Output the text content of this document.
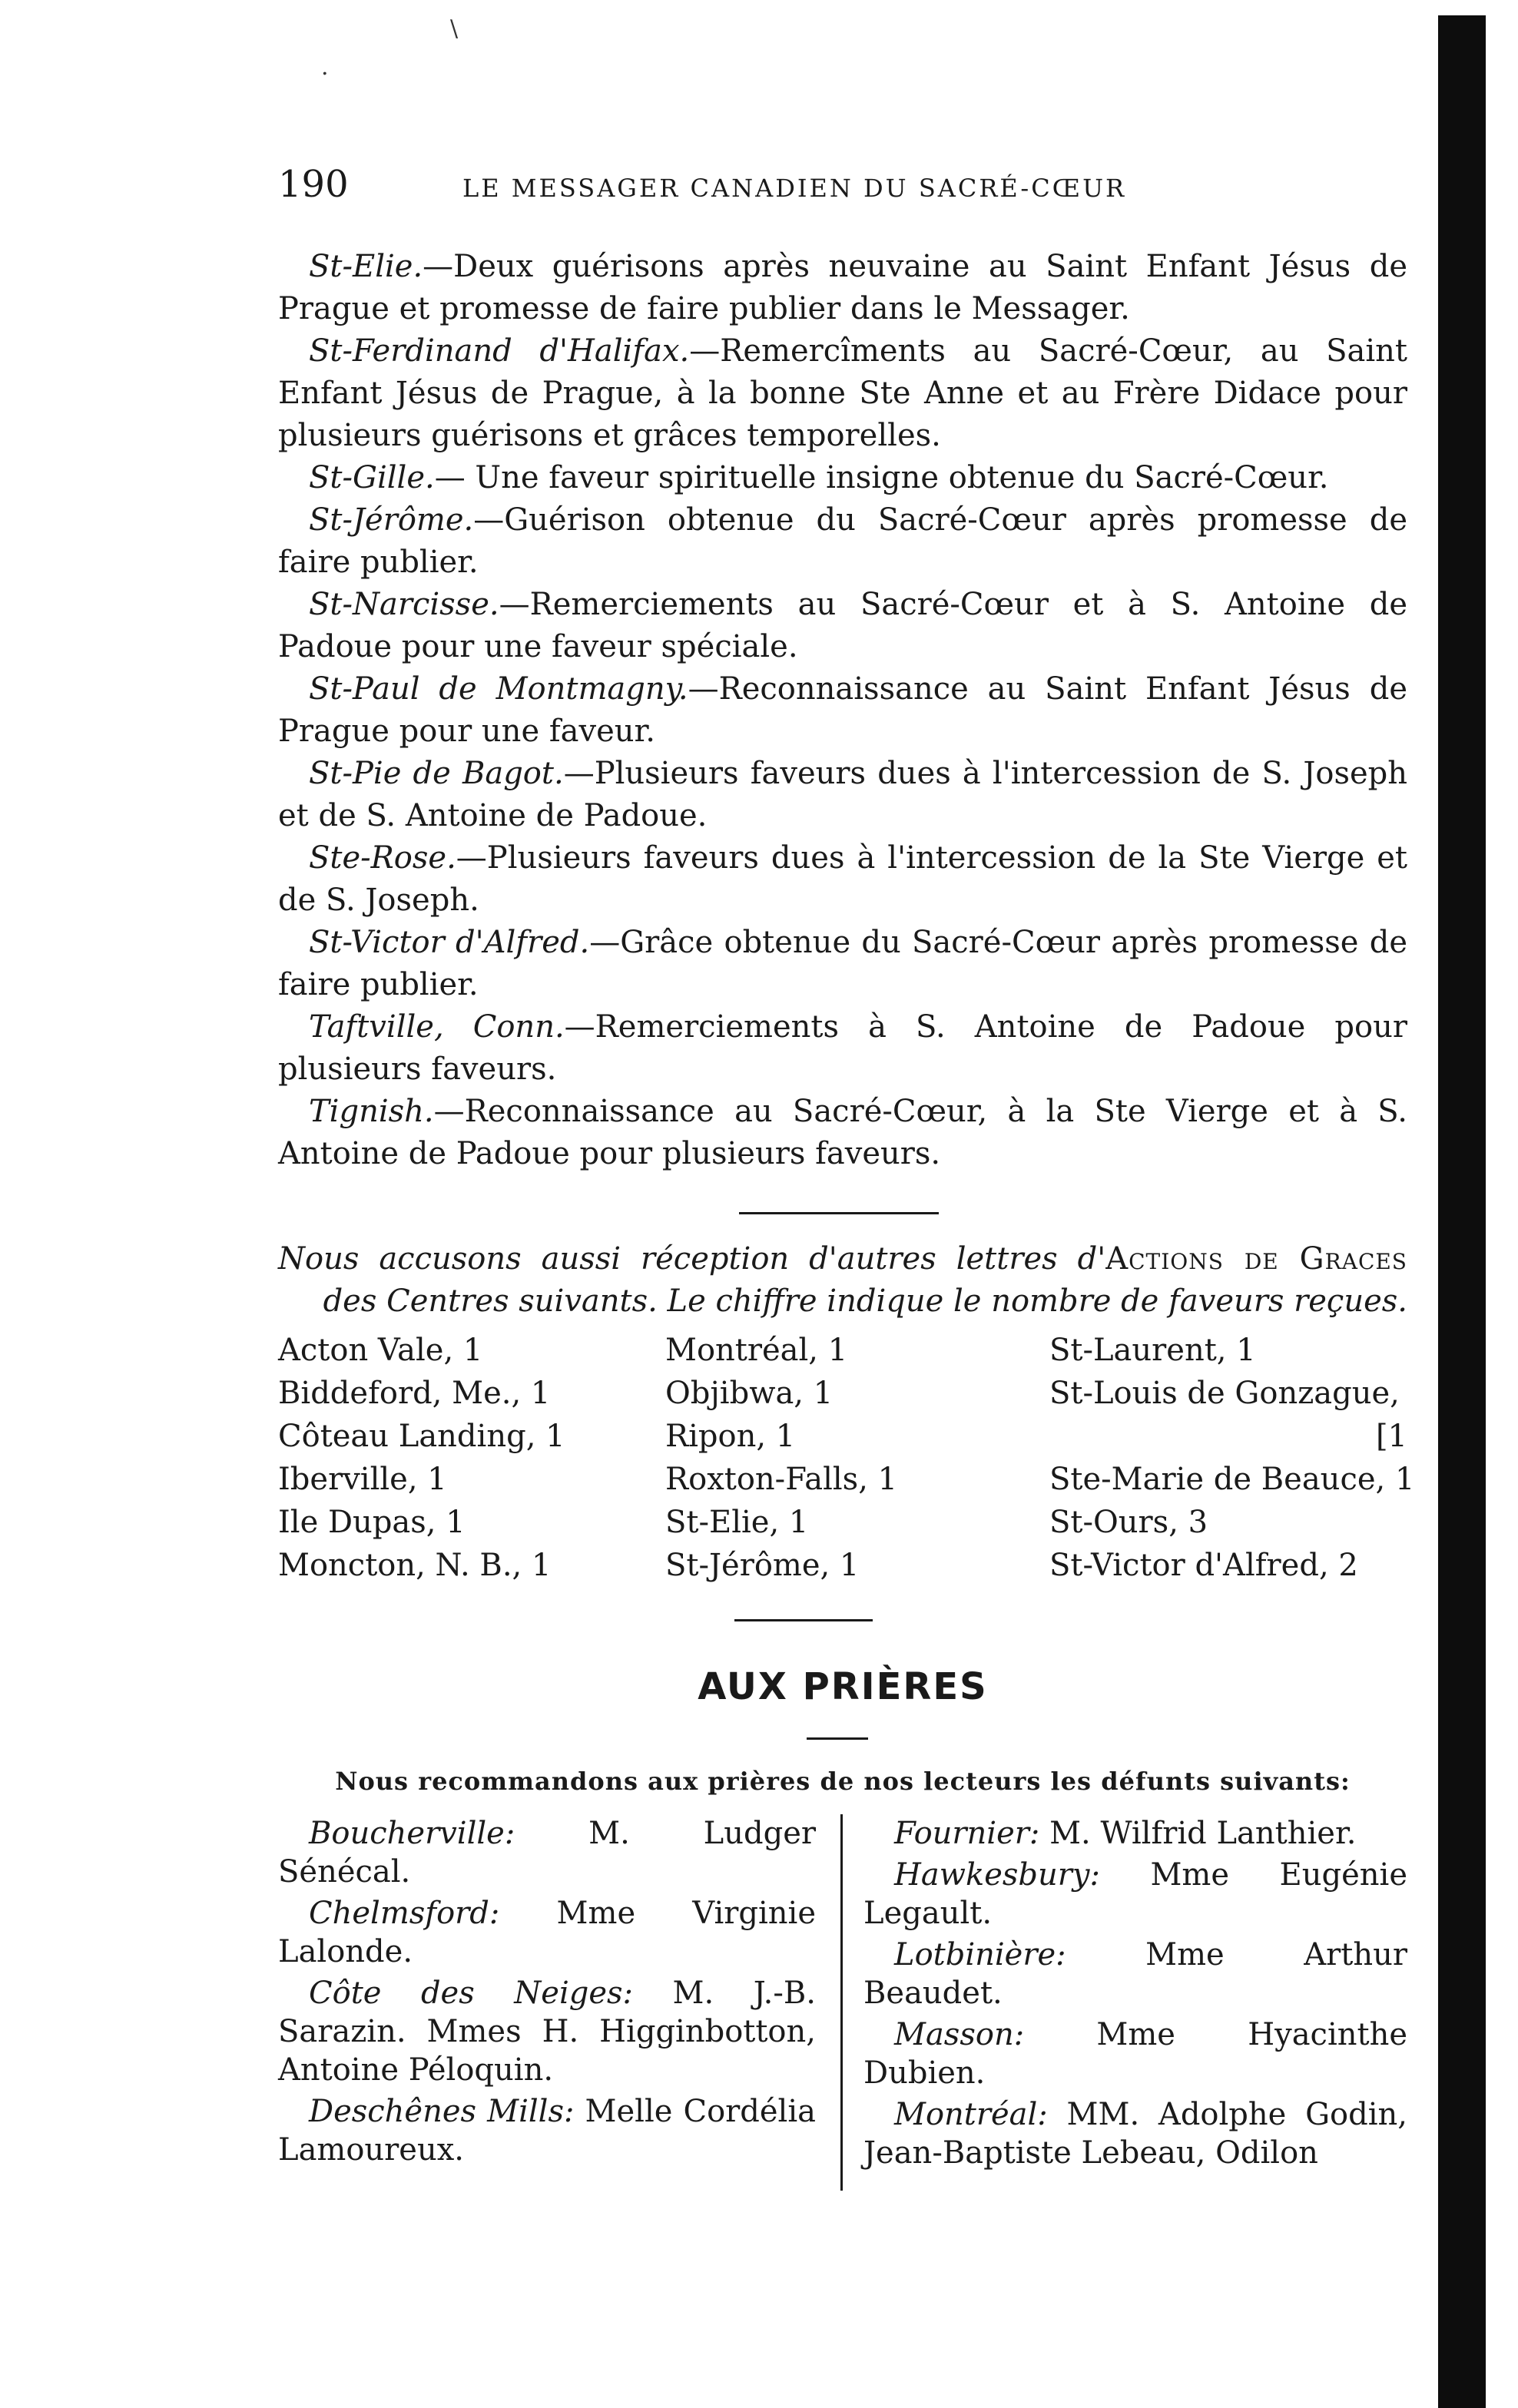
\
.
190	LE MESSAGER CANADIEN DU SACRÉ-CŒUR

St-Elie.—Deux guérisons après neuvaine au Saint Enfant Jésus de Prague et promesse de faire publier dans le Messager.

St-Ferdinand d'Halifax.—Remercîments au Sacré-Cœur, au Saint Enfant Jésus de Prague, à la bonne Ste Anne et au Frère Didace pour plusieurs guérisons et grâces temporelles.

St-Gille.— Une faveur spirituelle insigne obtenue du Sacré-Cœur.

St-Jérôme.—Guérison obtenue du Sacré-Cœur après promesse de faire publier.

St-Narcisse.—Remerciements au Sacré-Cœur et à S. Antoine de Padoue pour une faveur spéciale.

St-Paul de Montmagny.—Reconnaissance au Saint Enfant Jésus de Prague pour une faveur.

St-Pie de Bagot.—Plusieurs faveurs dues à l'intercession de S. Joseph et de S. Antoine de Padoue.

Ste-Rose.—Plusieurs faveurs dues à l'intercession de la Ste Vierge et de S. Joseph.

St-Victor d'Alfred.—Grâce obtenue du Sacré-Cœur après promesse de faire publier.

Taftville, Conn.—Remerciements à S. Antoine de Padoue pour plusieurs faveurs.

Tignish.—Reconnaissance au Sacré-Cœur, à la Ste Vierge et à S. Antoine de Padoue pour plusieurs faveurs.

Nous accusons aussi réception d'autres lettres d'Actions de Graces
des Centres suivants. Le chiffre indique le nombre de faveurs reçues.
Acton Vale, 1
Biddeford, Me., 1
Côteau Landing, 1
Iberville, 1
Ile Dupas, 1
Moncton, N. B., 1
Montréal, 1
Objibwa, 1
Ripon, 1
Roxton-Falls, 1
St-Elie, 1
St-Jérôme, 1
St-Laurent, 1
St-Louis de Gonzague,
[1
Ste-Marie de Beauce, 1
St-Ours, 3
St-Victor d'Alfred, 2
AUX PRIÈRES
Nous recommandons aux prières de nos lecteurs les défunts suivants:

Boucherville: M. Ludger Sénécal.

Chelmsford: Mme Virginie Lalonde.

Côte des Neiges: M. J.-B. Sarazin. Mmes H. Higginbotton, Antoine Péloquin.

Deschênes Mills: Melle Cordélia Lamoureux.

Fournier: M. Wilfrid Lanthier.

Hawkesbury: Mme Eugénie Legault.

Lotbinière: Mme Arthur Beaudet.

Masson: Mme Hyacinthe Dubien.

Montréal: MM. Adolphe Godin, Jean-Baptiste Lebeau, Odilon
